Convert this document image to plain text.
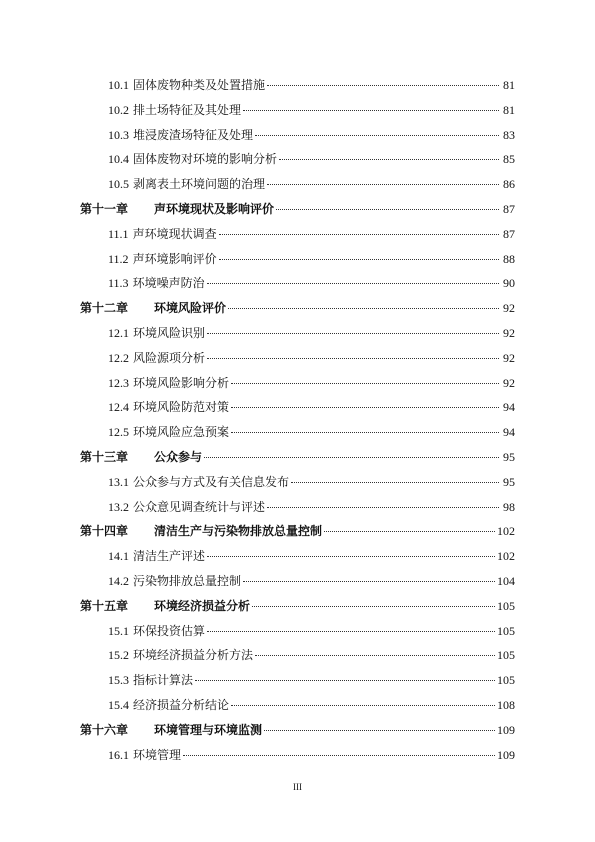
10.1 固体废物种类及处置措施	81
10.2 排土场特征及其处理	81
10.3 堆浸废渣场特征及处理	83
10.4 固体废物对环境的影响分析	85
10.5 剥离表土环境问题的治理	86
第十一章 声环境现状及影响评价	87
11.1 声环境现状调查	87
11.2 声环境影响评价	88
11.3 环境噪声防治	90
第十二章 环境风险评价	92
12.1 环境风险识别	92
12.2 风险源项分析	92
12.3 环境风险影响分析	92
12.4 环境风险防范对策	94
12.5 环境风险应急预案	94
第十三章 公众参与	95
13.1 公众参与方式及有关信息发布	95
13.2 公众意见调查统计与评述	98
第十四章 清洁生产与污染物排放总量控制	102
14.1 清洁生产评述	102
14.2 污染物排放总量控制	104
第十五章 环境经济损益分析	105
15.1 环保投资估算	105
15.2 环境经济损益分析方法	105
15.3 指标计算法	105
15.4 经济损益分析结论	108
第十六章 环境管理与环境监测	109
16.1 环境管理	109
III
